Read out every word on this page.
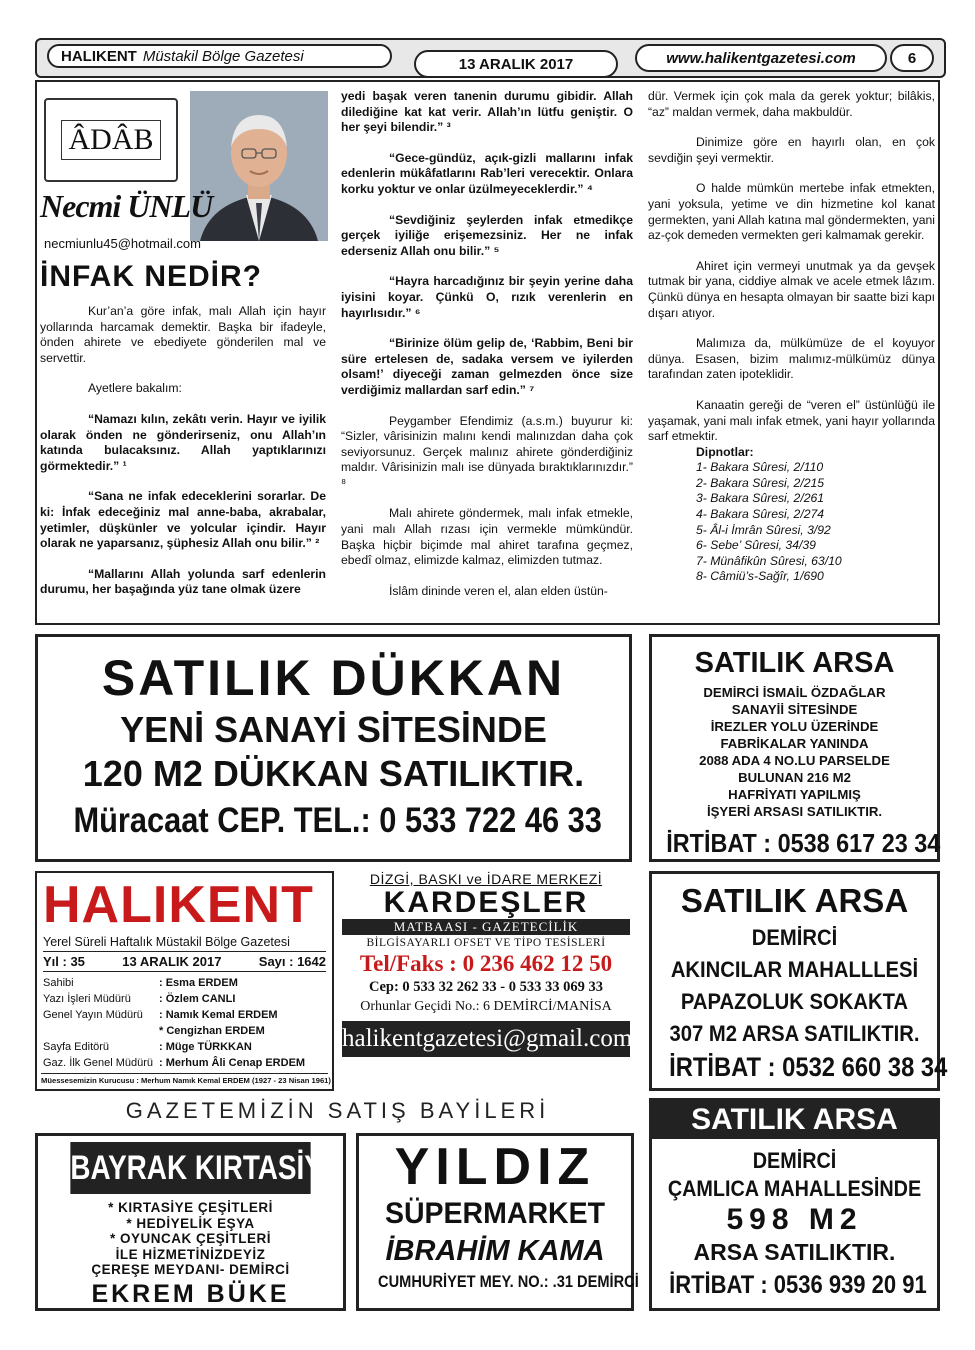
HALIKENT Müstakil Bölge Gazetesi	13 ARALIK 2017	www.halikentgazetesi.com	6
ÂDÂB
Necmi ÜNLÜ
necmiunlu45@hotmail.com
İNFAK NEDİR?

Kur’an’a göre infak, malı Allah için hayır yollarında harcamak demektir. Başka bir ifadeyle, önden ahirete ve ebediyete gönderilen mal ve servettir.

Ayetlere bakalım:

“Namazı kılın, zekâtı verin. Hayır ve iyilik olarak önden ne gönderirseniz, onu Allah’ın katında bulacaksınız. Allah yaptıklarınızı görmektedir.” ¹

“Sana ne infak edeceklerini sorarlar. De ki: İnfak edeceğiniz mal anne-baba, akrabalar, yetimler, düşkünler ve yolcular içindir. Hayır olarak ne yaparsanız, şüphesiz Allah onu bilir.” ²

“Mallarını Allah yolunda sarf edenlerin durumu, her başağında yüz tane olmak üzere

yedi başak veren tanenin durumu gibidir. Allah dilediğine kat kat verir. Allah’ın lütfu geniştir. O her şeyi bilendir.” ³

“Gece-gündüz, açık-gizli mallarını infak edenlerin mükâfatlarını Rab’leri verecektir. Onlara korku yoktur ve onlar üzülmeyeceklerdir.” ⁴

“Sevdiğiniz şeylerden infak etmedikçe gerçek iyiliğe erişemezsiniz. Her ne infak ederseniz Allah onu bilir.” ⁵

“Hayra harcadığınız bir şeyin yerine daha iyisini koyar. Çünkü O, rızık verenlerin en hayırlısıdır.” ⁶

“Birinize ölüm gelip de, ‘Rabbim, Beni bir süre ertelesen de, sadaka versem ve iyilerden olsam!’ diyeceği zaman gelmezden önce size verdiğimiz mallardan sarf edin.” ⁷

Peygamber Efendimiz (a.s.m.) buyurur ki: “Sizler, vârisinizin malını kendi malınızdan daha çok seviyorsunuz. Gerçek malınız ahirete gönderdiğiniz maldır. Vârisinizin malı ise dünyada bıraktıklarınızdır.” ⁸

Malı ahirete göndermek, malı infak etmekle, yani malı Allah rızası için vermekle mümkündür. Başka hiçbir biçimde mal ahiret tarafına geçmez, ebedî olmaz, elimizde kalmaz, elimizden tutmaz.

İslâm dininde veren el, alan elden üstün-

dür. Vermek için çok mala da gerek yoktur; bilâkis, “az” maldan vermek, daha makbuldür.

Dinimize göre en hayırlı olan, en çok sevdiğin şeyi vermektir.

O halde mümkün mertebe infak etmekten, yani yoksula, yetime ve din hizmetine kol kanat germekten, yani Allah katına mal göndermekten, yani az-çok demeden vermekten geri kalmamak gerekir.

Ahiret için vermeyi unutmak ya da gevşek tutmak bir yana, ciddiye almak ve acele etmek lâzım. Çünkü dünya en hesapta olmayan bir saatte bizi kapı dışarı atıyor.

Malımıza da, mülkümüze de el koyuyor dünya. Esasen, bizim malımız-mülkümüz dünya tarafından zaten ipoteklidir.

Kanaatin gereği de “veren el” üstünlüğü ile yaşamak, yani malı infak etmek, yani hayır yollarında sarf etmektir.

Dipnotlar:
1- Bakara Sûresi, 2/110
2- Bakara Sûresi, 2/215
3- Bakara Sûresi, 2/261
4- Bakara Sûresi, 2/274
5- Âl-i İmrân Sûresi, 3/92
6- Sebe’ Sûresi, 34/39
7- Münâfikûn Sûresi, 63/10
8- Câmiü’s-Sağîr, 1/690
SATILIK DÜKKAN
YENİ SANAYİ SİTESİNDE
120 M2 DÜKKAN SATILIKTIR.
Müracaat CEP. TEL.: 0 533 722 46 33
SATILIK ARSA
DEMİRCİ İSMAİL ÖZDAĞLAR
SANAYİİ SİTESİNDE
İREZLER YOLU ÜZERİNDE
FABRİKALAR YANINDA
2088 ADA 4 NO.LU PARSELDE
BULUNAN 216 M2
HAFRİYATI YAPILMIŞ
İŞYERİ ARSASI SATILIKTIR.
İRTİBAT : 0538 617 23 34
HALIKENT
Yerel Süreli Haftalık Müstakil Bölge Gazetesi
Yıl : 35	13 ARALIK 2017	Sayı : 1642
Sahibi	: Esma ERDEM
Yazı İşleri Müdürü	: Özlem CANLI
Genel Yayın Müdürü	: Namık Kemal ERDEM
* Cengizhan ERDEM
Sayfa Editörü	: Müge TÜRKKAN
Gaz. İlk Genel Müdürü : Merhum Âli Cenap ERDEM
Müessesemizin Kurucusu : Merhum Namık Kemal ERDEM (1927 - 23 Nisan 1961)
DİZGİ, BASKI ve İDARE MERKEZİ
KARDEŞLER
MATBAASI - GAZETECİLİK
BİLGİSAYARLI OFSET VE TİPO TESİSLERİ
Tel/Faks : 0 236 462 12 50
Cep: 0 533 32 262 33 - 0 533 33 069 33
Orhunlar Geçidi No.: 6 DEMİRCİ/MANİSA
halikentgazetesi@gmail.com
SATILIK ARSA
DEMİRCİ
AKINCILAR MAHALLLESİ
PAPAZOLUK SOKAKTA
307 M2 ARSA SATILIKTIR.
İRTİBAT : 0532 660 38 34
GAZETEMİZİN SATIŞ BAYİLERİ
BAYRAK KIRTASİYE
* KIRTASİYE ÇEŞİTLERİ
* HEDİYELİK EŞYA
* OYUNCAK ÇEŞİTLERİ
İLE HİZMETİNİZDEYİZ
ÇEREŞE MEYDANI- DEMİRCİ
EKREM BÜKE
YILDIZ
SÜPERMARKET
İBRAHİM KAMA
CUMHURİYET MEY. NO.: .31 DEMİRCİ
SATILIK ARSA
DEMİRCİ
ÇAMLICA MAHALLESİNDE
598 M2
ARSA SATILIKTIR.
İRTİBAT : 0536 939 20 91
